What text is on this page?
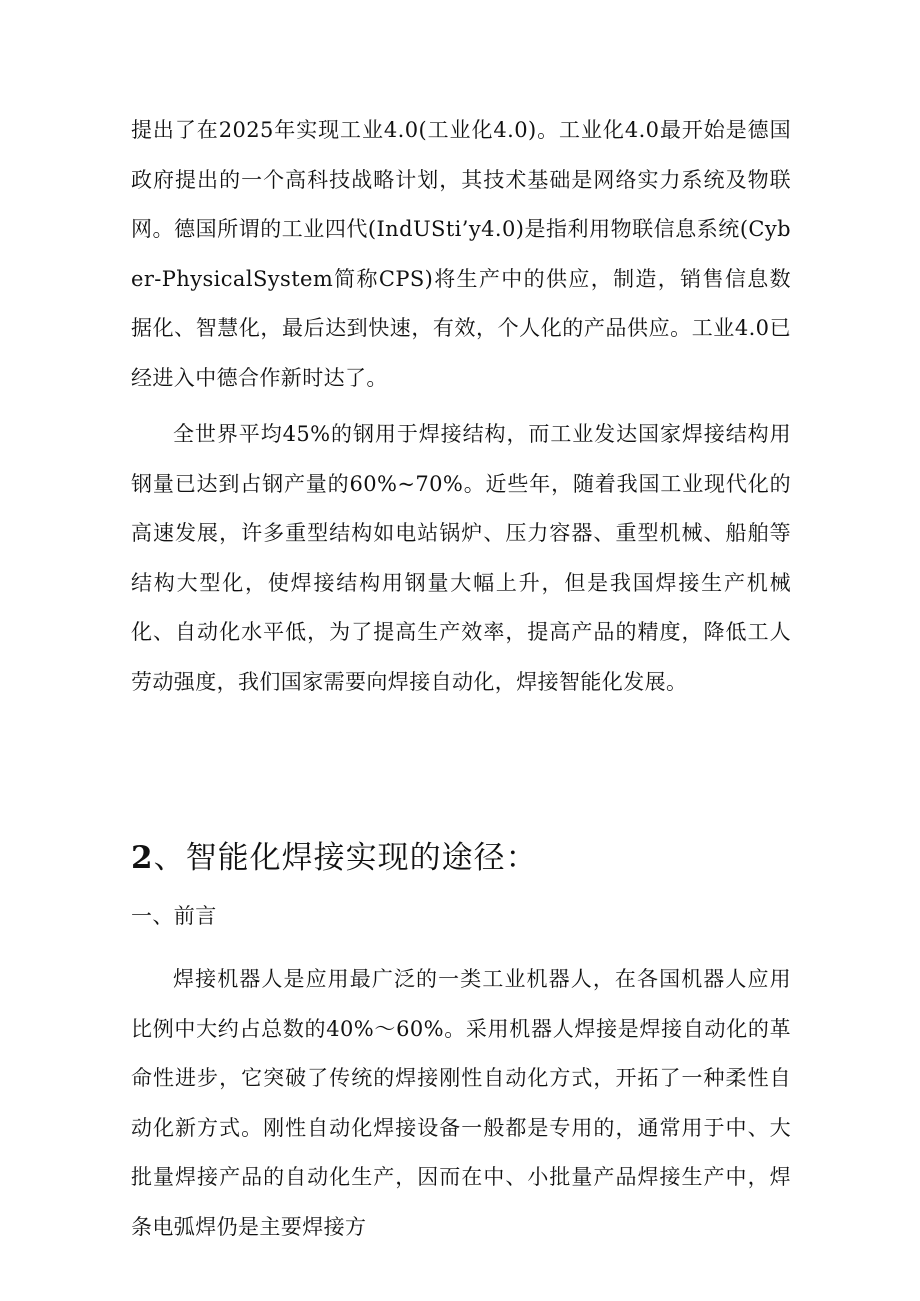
提出了在2025年实现工业4.0(工业化4.0)。工业化4.0最开始是德国政府提出的一个高科技战略计划，其技术基础是网络实力系统及物联网。德国所谓的工业四代(IndUSti’y4.0)是指利用物联信息系统(Cyber-PhysicalSystem简称CPS)将生产中的供应，制造，销售信息数据化、智慧化，最后达到快速，有效，个人化的产品供应。工业4.0已经进入中德合作新时达了。

全世界平均45%的钢用于焊接结构，而工业发达国家焊接结构用钢量已达到占钢产量的60%~70%。近些年，随着我国工业现代化的高速发展，许多重型结构如电站锅炉、压力容器、重型机械、船舶等结构大型化，使焊接结构用钢量大幅上升，但是我国焊接生产机械化、自动化水平低，为了提高生产效率，提高产品的精度，降低工人劳动强度，我们国家需要向焊接自动化，焊接智能化发展。

2、智能化焊接实现的途径：

一、前言

焊接机器人是应用最广泛的一类工业机器人，在各国机器人应用比例中大约占总数的40%～60%。采用机器人焊接是焊接自动化的革命性进步，它突破了传统的焊接刚性自动化方式，开拓了一种柔性自动化新方式。刚性自动化焊接设备一般都是专用的，通常用于中、大批量焊接产品的自动化生产，因而在中、小批量产品焊接生产中，焊条电弧焊仍是主要焊接方
